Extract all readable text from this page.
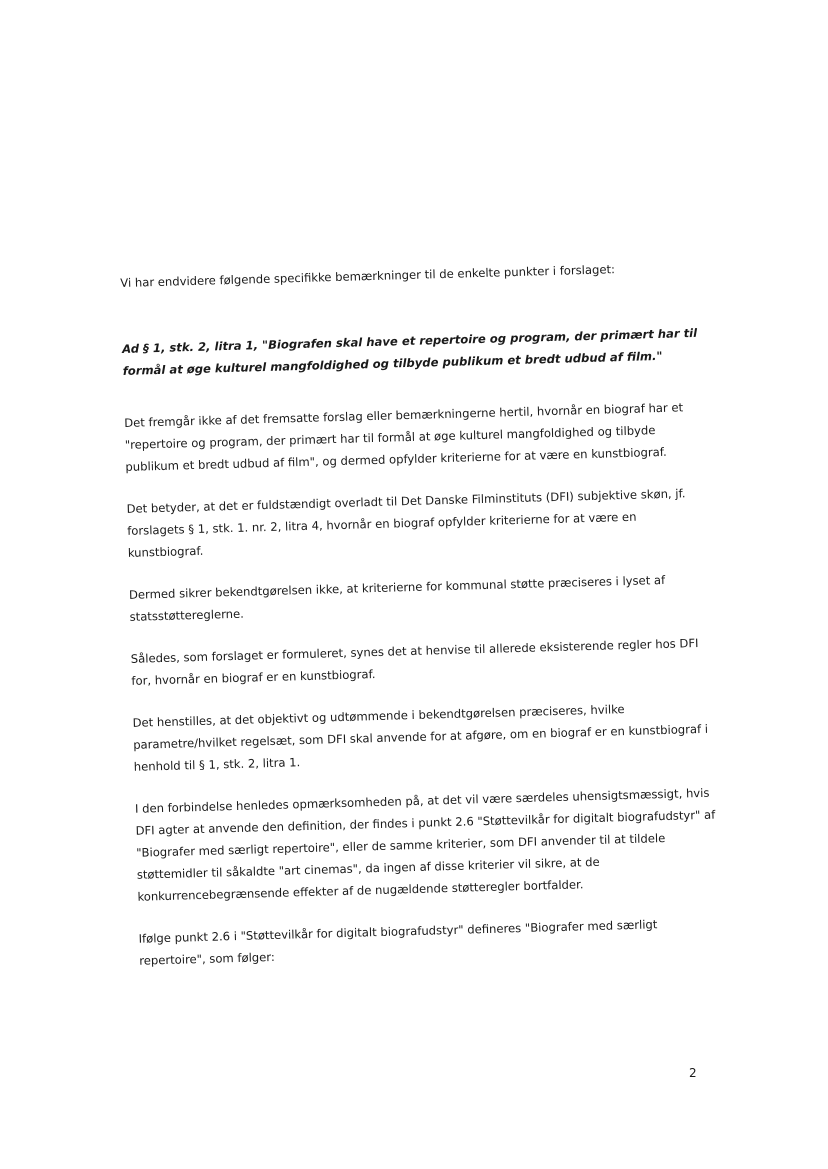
Vi har endvidere følgende specifikke bemærkninger til de enkelte punkter i forslaget:

Ad § 1, stk. 2, litra 1, "Biografen skal have et repertoire og program, der primært har til formål at øge kulturel mangfoldighed og tilbyde publikum et bredt udbud af film."

Det fremgår ikke af det fremsatte forslag eller bemærkningerne hertil, hvornår en biograf har et "repertoire og program, der primært har til formål at øge kulturel mangfoldighed og tilbyde publikum et bredt udbud af film", og dermed opfylder kriterierne for at være en kunstbiograf.

Det betyder, at det er fuldstændigt overladt til Det Danske Filminstituts (DFI) subjektive skøn, jf. forslagets § 1, stk. 1. nr. 2, litra 4, hvornår en biograf opfylder kriterierne for at være en kunstbiograf.

Dermed sikrer bekendtgørelsen ikke, at kriterierne for kommunal støtte præciseres i lyset af statsstøttereglerne.

Således, som forslaget er formuleret, synes det at henvise til allerede eksisterende regler hos DFI for, hvornår en biograf er en kunstbiograf.

Det henstilles, at det objektivt og udtømmende i bekendtgørelsen præciseres, hvilke parametre/hvilket regelsæt, som DFI skal anvende for at afgøre, om en biograf er en kunstbiograf i henhold til § 1, stk. 2, litra 1.

I den forbindelse henledes opmærksomheden på, at det vil være særdeles uhensigtsmæssigt, hvis DFI agter at anvende den definition, der findes i punkt 2.6 "Støttevilkår for digitalt biografudstyr" af "Biografer med særligt repertoire", eller de samme kriterier, som DFI anvender til at tildele støttemidler til såkaldte "art cinemas", da ingen af disse kriterier vil sikre, at de konkurrencebegrænsende effekter af de nugældende støtteregler bortfalder.

Ifølge punkt 2.6 i "Støttevilkår for digitalt biografudstyr" defineres "Biografer med særligt repertoire", som følger:

2
